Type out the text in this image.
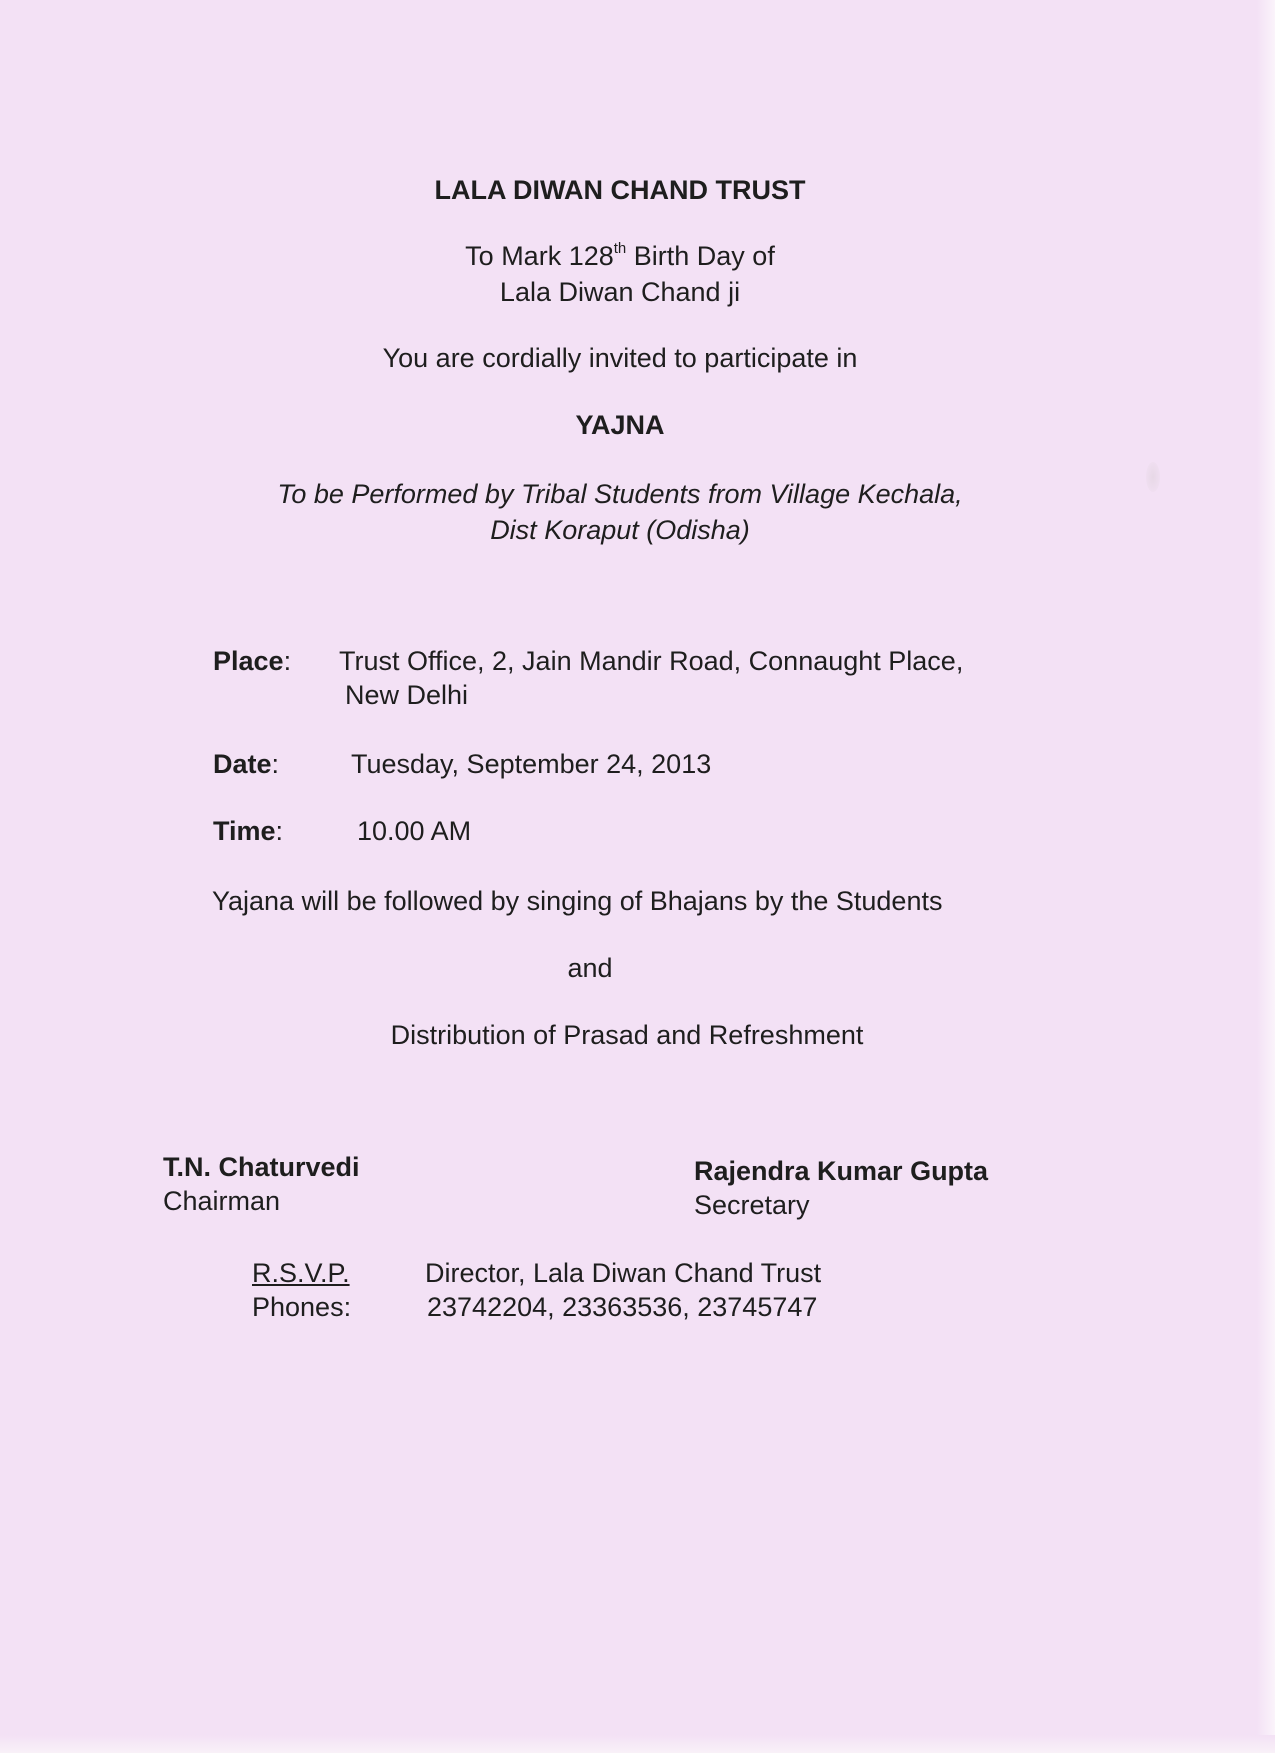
LALA DIWAN CHAND TRUST
To Mark 128th Birth Day of
Lala Diwan Chand ji
You are cordially invited to participate in
YAJNA
To be Performed by Tribal Students from Village Kechala,
Dist Koraput (Odisha)
Place: Trust Office, 2, Jain Mandir Road, Connaught Place,
New Delhi
Date:	Tuesday, September 24, 2013
Time:	10.00 AM
Yajana will be followed by singing of Bhajans by the Students
and
Distribution of Prasad and Refreshment
T.N. Chaturvedi
Chairman
Rajendra Kumar Gupta
Secretary
R.S.V.P.	Director, Lala Diwan Chand Trust
Phones:	23742204, 23363536, 23745747
